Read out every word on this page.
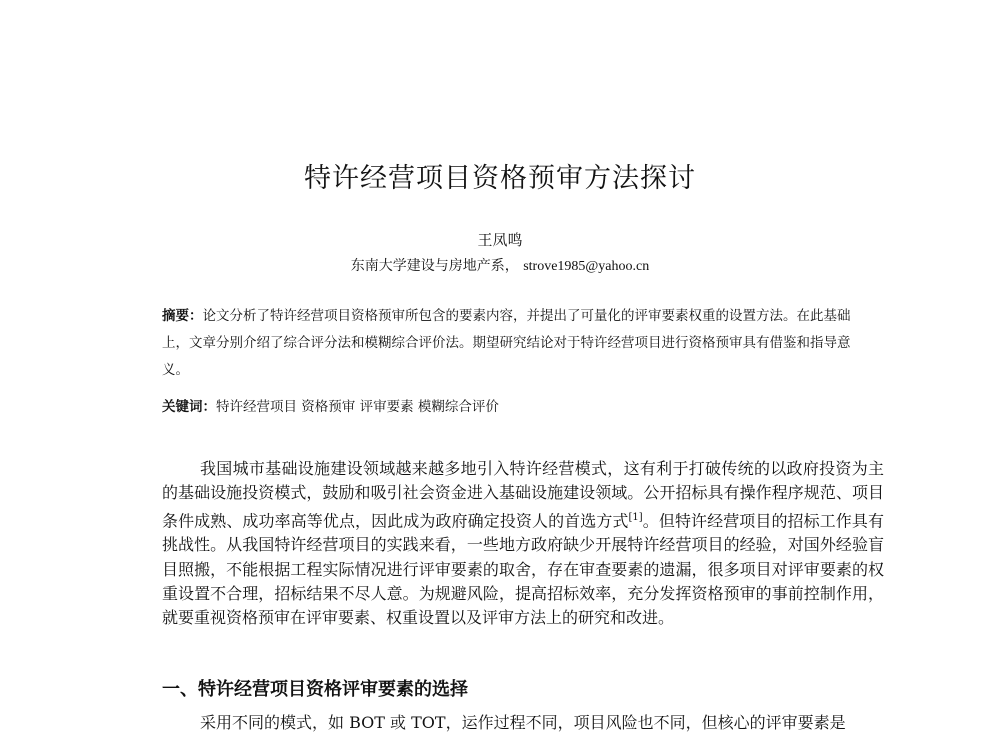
特许经营项目资格预审方法探讨
王凤鸣
东南大学建设与房地产系， strove1985@yahoo.cn
摘要：论文分析了特许经营项目资格预审所包含的要素内容，并提出了可量化的评审要素权重的设置方法。在此基础上，文章分别介绍了综合评分法和模糊综合评价法。期望研究结论对于特许经营项目进行资格预审具有借鉴和指导意义。
关键词：特许经营项目 资格预审 评审要素 模糊综合评价
我国城市基础设施建设领域越来越多地引入特许经营模式，这有利于打破传统的以政府投资为主的基础设施投资模式，鼓励和吸引社会资金进入基础设施建设领域。公开招标具有操作程序规范、项目条件成熟、成功率高等优点，因此成为政府确定投资人的首选方式[1]。但特许经营项目的招标工作具有挑战性。从我国特许经营项目的实践来看，一些地方政府缺少开展特许经营项目的经验，对国外经验盲目照搬，不能根据工程实际情况进行评审要素的取舍，存在审查要素的遗漏，很多项目对评审要素的权重设置不合理，招标结果不尽人意。为规避风险，提高招标效率，充分发挥资格预审的事前控制作用，就要重视资格预审在评审要素、权重设置以及评审方法上的研究和改进。
一、特许经营项目资格评审要素的选择
采用不同的模式，如 BOT 或 TOT，运作过程不同，项目风险也不同，但核心的评审要素是
